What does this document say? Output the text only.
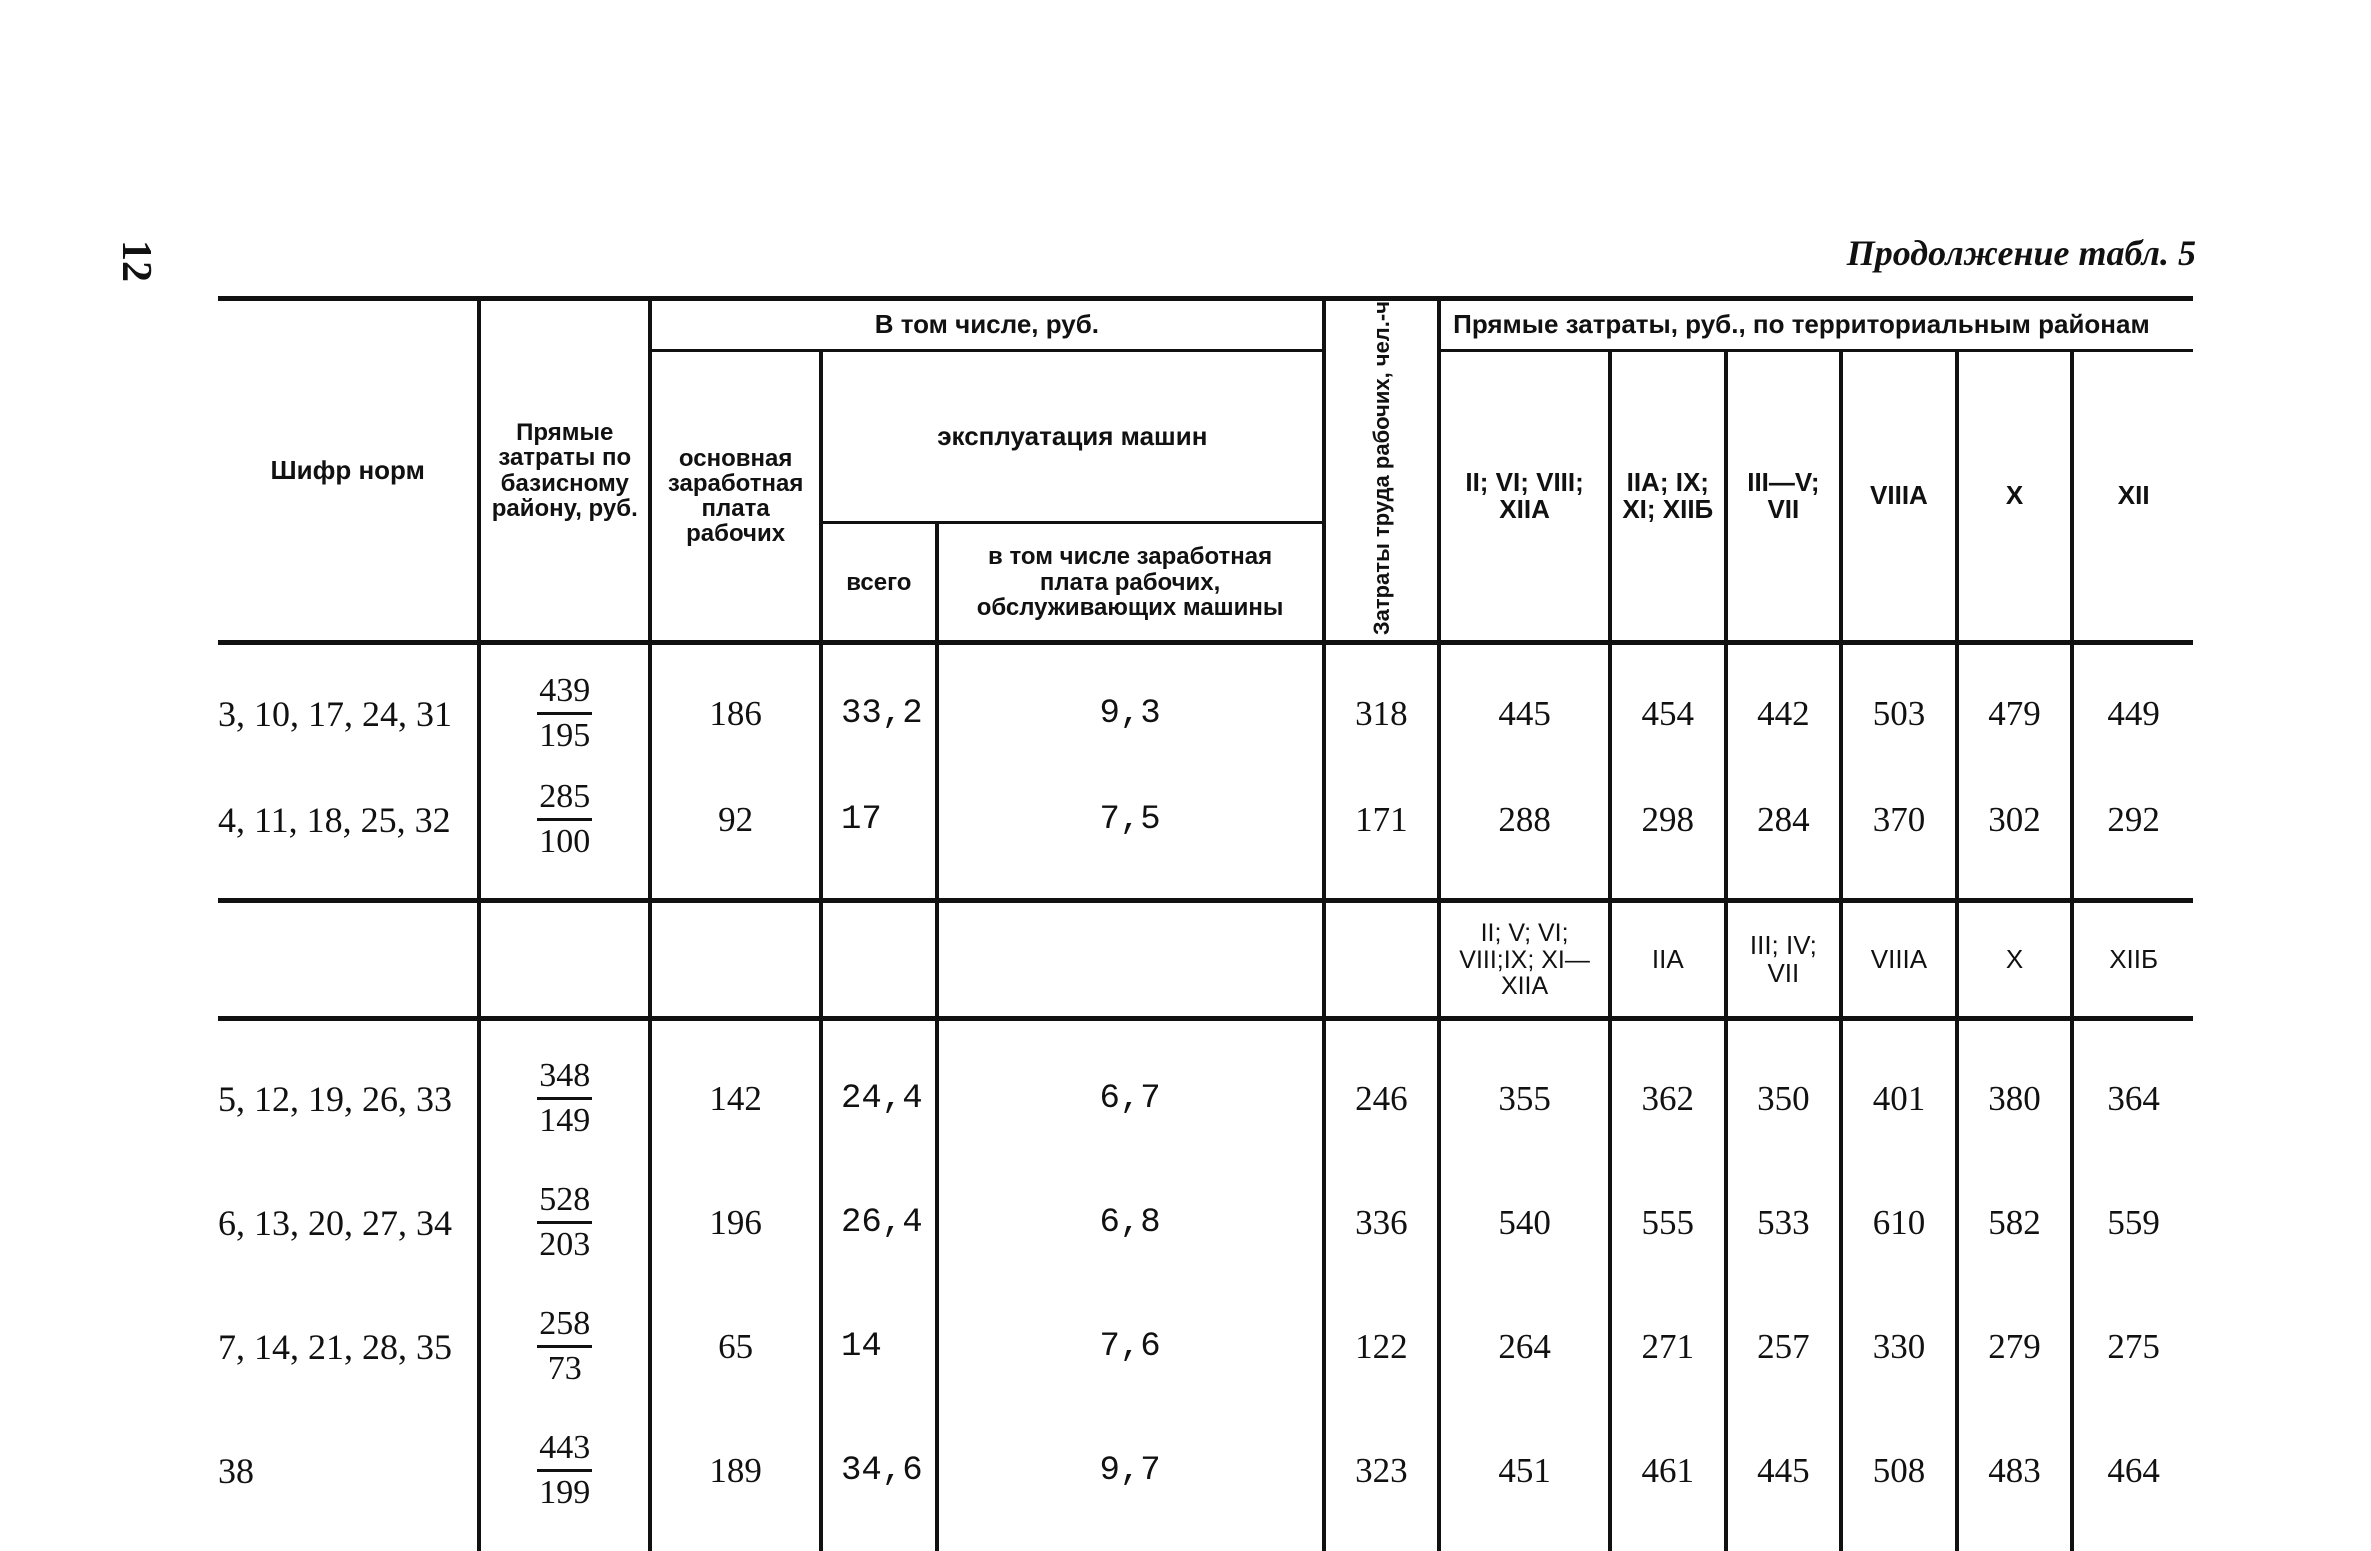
12	Продолжение табл. 5
Шифр норм	Прямые затраты по базисному району, руб.	В том числе, руб.			Затраты труда рабочих, чел.-ч	Прямые затраты, руб., по территориальным районам					
		основная заработная плата рабочих	эксплуатация машин			II; VI; VIII; XIIA	IIA; IX; XI; XIIБ	III—V; VII	VIIIA	X	XII
			всего	в том числе заработная плата рабочих, обслуживающих машины							

3, 10, 17, 24, 31	$\frac{439}{195}$	186	33,2	9,3	318	445	454	442	503	479	449
4, 11, 18, 25, 32	$\frac{285}{100}$	92	17	7,5	171	288	298	284	370	302	292

						II; V; VI; VIII;IX; XI—XIIA	IIA	III; IV; VII	VIIIA	X	XIIБ

5, 12, 19, 26, 33	$\frac{348}{149}$	142	24,4	6,7	246	355	362	350	401	380	364
6, 13, 20, 27, 34	$\frac{528}{203}$	196	26,4	6,8	336	540	555	533	610	582	559
7, 14, 21, 28, 35	$\frac{258}{73}$	65	14	7,6	122	264	271	257	330	279	275
38	$\frac{443}{199}$	189	34,6	9,7	323	451	461	445	508	483	464
